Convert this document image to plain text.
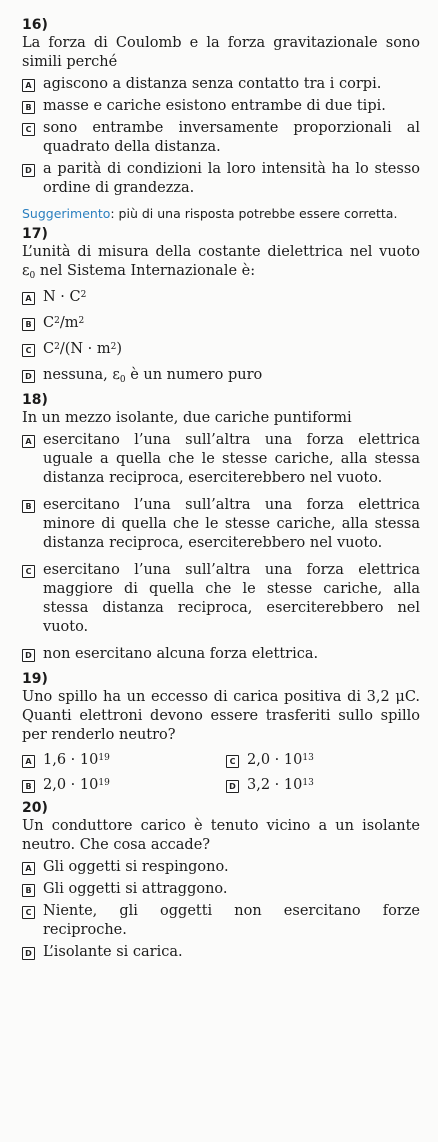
16)
La forza di Coulomb e la forza gravitazionale sono simili perché
A agiscono a distanza senza contatto tra i corpi.
B masse e cariche esistono entrambe di due tipi.
C sono entrambe inversamente proporzionali al quadrato della distanza.
D a parità di condizioni la loro intensità ha lo stesso ordine di grandezza.
Suggerimento: più di una risposta potrebbe essere corretta.
17)
L’unità di misura della costante dielettrica nel vuoto $\varepsilon_0$ nel Sistema Internazionale è:
A $N \cdot C^2$
B $C^2/m^2$
C $C^2/(N \cdot m^2)$
D nessuna, $\varepsilon_0$ è un numero puro
18)
In un mezzo isolante, due cariche puntiformi
A esercitano l’una sull’altra una forza elettrica uguale a quella che le stesse cariche, alla stessa distanza reciproca, eserciterebbero nel vuoto.
B esercitano l’una sull’altra una forza elettrica minore di quella che le stesse cariche, alla stessa distanza reciproca, eserciterebbero nel vuoto.
C esercitano l’una sull’altra una forza elettrica maggiore di quella che le stesse cariche, alla stessa distanza reciproca, eserciterebbero nel vuoto.
D non esercitano alcuna forza elettrica.
19)
Uno spillo ha un eccesso di carica positiva di 3,2 μC. Quanti elettroni devono essere trasferiti sullo spillo per renderlo neutro?
A $1,6 \cdot 10^{19}$	C $2,0 \cdot 10^{13}$
B $2,0 \cdot 10^{19}$	D $3,2 \cdot 10^{13}$
20)
Un conduttore carico è tenuto vicino a un isolante neutro. Che cosa accade?
A Gli oggetti si respingono.
B Gli oggetti si attraggono.
C Niente, gli oggetti non esercitano forze reciproche.
D L’isolante si carica.
